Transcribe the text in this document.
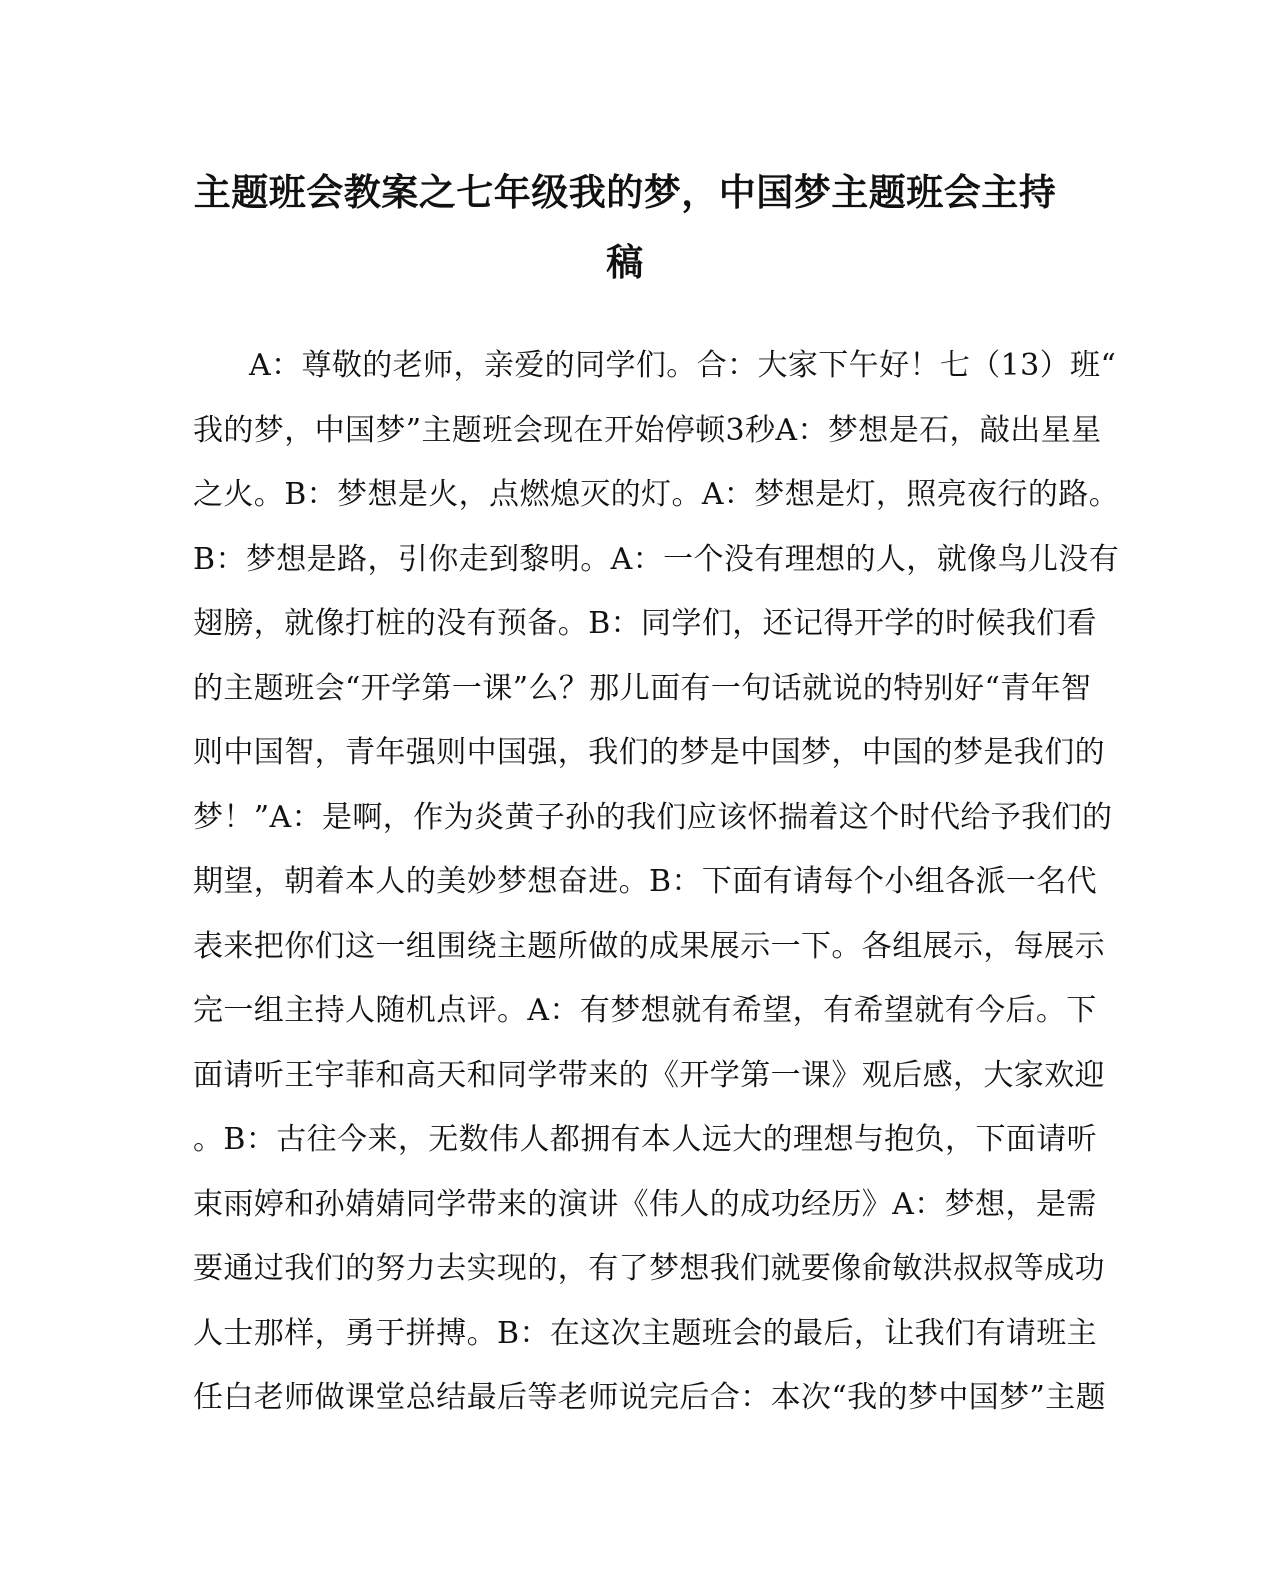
主题班会教案之七年级我的梦，中国梦主题班会主持
稿
A：尊敬的老师，亲爱的同学们。合：大家下午好！七（13）班“
我的梦，中国梦”主题班会现在开始停顿3秒A：梦想是石，敲出星星
之火。B：梦想是火，点燃熄灭的灯。A：梦想是灯，照亮夜行的路。
B：梦想是路，引你走到黎明。A：一个没有理想的人，就像鸟儿没有
翅膀，就像打桩的没有预备。B：同学们，还记得开学的时候我们看
的主题班会“开学第一课”么？那儿面有一句话就说的特别好“青年智
则中国智，青年强则中国强，我们的梦是中国梦，中国的梦是我们的
梦！”A：是啊，作为炎黄子孙的我们应该怀揣着这个时代给予我们的
期望，朝着本人的美妙梦想奋进。B：下面有请每个小组各派一名代
表来把你们这一组围绕主题所做的成果展示一下。各组展示，每展示
完一组主持人随机点评。A：有梦想就有希望，有希望就有今后。下
面请听王宇菲和高天和同学带来的《开学第一课》观后感，大家欢迎
。B：古往今来，无数伟人都拥有本人远大的理想与抱负，下面请听
束雨婷和孙婧婧同学带来的演讲《伟人的成功经历》A：梦想，是需
要通过我们的努力去实现的，有了梦想我们就要像俞敏洪叔叔等成功
人士那样，勇于拼搏。B：在这次主题班会的最后，让我们有请班主
任白老师做课堂总结最后等老师说完后合：本次“我的梦中国梦”主题
